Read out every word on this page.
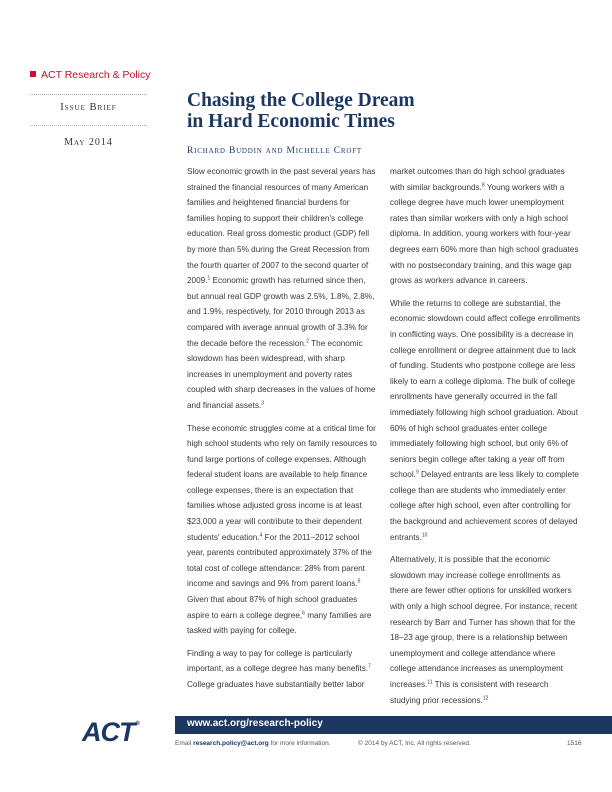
ACT Research & Policy
Issue Brief
May 2014
Chasing the College Dream
in Hard Economic Times
Richard Buddin and Michelle Croft

Slow economic growth in the past several years has strained the financial resources of many American families and heightened financial burdens for families hoping to support their children's college education. Real gross domestic product (GDP) fell by more than 5% during the Great Recession from the fourth quarter of 2007 to the second quarter of 2009.$^1$ Economic growth has returned since then, but annual real GDP growth was 2.5%, 1.8%, 2.8%, and 1.9%, respectively, for 2010 through 2013 as compared with average annual growth of 3.3% for the decade before the recession.$^2$ The economic slowdown has been widespread, with sharp increases in unemployment and poverty rates coupled with sharp decreases in the values of home and financial assets.$^3$

These economic struggles come at a critical time for high school students who rely on family resources to fund large portions of college expenses. Although federal student loans are available to help finance college expenses, there is an expectation that families whose adjusted gross income is at least $23,000 a year will contribute to their dependent students' education.$^4$ For the 2011–2012 school year, parents contributed approximately 37% of the total cost of college attendance: 28% from parent income and savings and 9% from parent loans.$^5$ Given that about 87% of high school graduates aspire to earn a college degree,$^6$ many families are tasked with paying for college.

Finding a way to pay for college is particularly important, as a college degree has many benefits.$^7$ College graduates have substantially better labor

market outcomes than do high school graduates with similar backgrounds.$^8$ Young workers with a college degree have much lower unemployment rates than similar workers with only a high school diploma. In addition, young workers with four-year degrees earn 60% more than high school graduates with no postsecondary training, and this wage gap grows as workers advance in careers.

While the returns to college are substantial, the economic slowdown could affect college enrollments in conflicting ways. One possibility is a decrease in college enrollment or degree attainment due to lack of funding. Students who postpone college are less likely to earn a college diploma. The bulk of college enrollments have generally occurred in the fall immediately following high school graduation. About 60% of high school graduates enter college immediately following high school, but only 6% of seniors begin college after taking a year off from school.$^9$ Delayed entrants are less likely to complete college than are students who immediately enter college after high school, even after controlling for the background and achievement scores of delayed entrants.$^{10}$

Alternatively, it is possible that the economic slowdown may increase college enrollments as there are fewer other options for unskilled workers with only a high school degree. For instance, recent research by Barr and Turner has shown that for the 18–23 age group, there is a relationship between unemployment and college attendance where college attendance increases as unemployment increases.$^{11}$ This is consistent with research studying prior recessions.$^{12}$

ACT®	www.act.org/research-policy
Email research.policy@act.org for more information.	© 2014 by ACT, Inc. All rights reserved.	1516
